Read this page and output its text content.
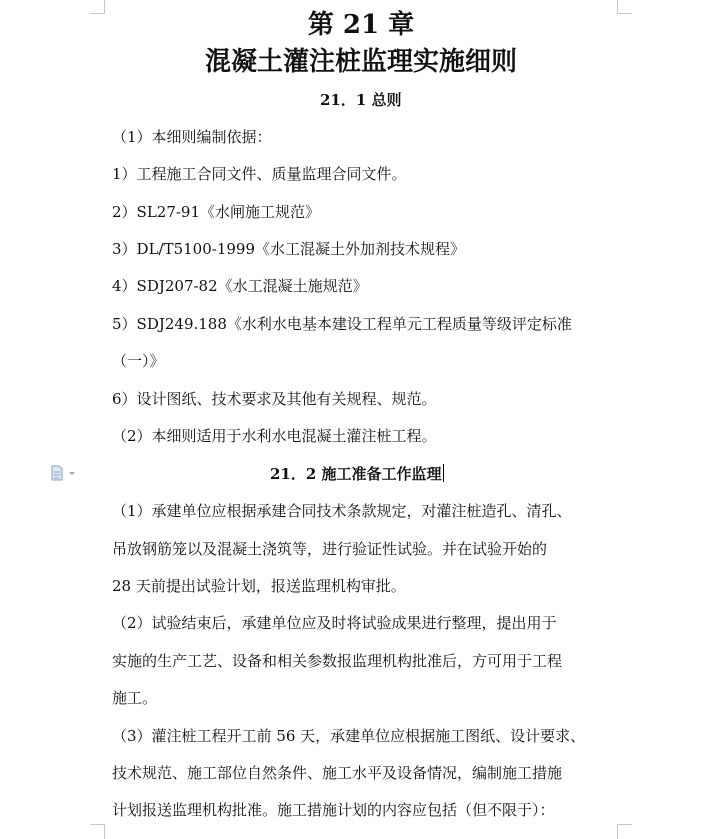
第 21 章
混凝土灌注桩监理实施细则
21．1 总则
（1）本细则编制依据：
1）工程施工合同文件、质量监理合同文件。
2）SL27-91《水闸施工规范》
3）DL/T5100-1999《水工混凝土外加剂技术规程》
4）SDJ207-82《水工混凝土施规范》
5）SDJ249.188《水利水电基本建设工程单元工程质量等级评定标准
（一）》
6）设计图纸、技术要求及其他有关规程、规范。
（2）本细则适用于水利水电混凝土灌注桩工程。
21．2 施工准备工作监理
（1）承建单位应根据承建合同技术条款规定，对灌注桩造孔、清孔、
吊放钢筋笼以及混凝土浇筑等，进行验证性试验。并在试验开始的
28 天前提出试验计划，报送监理机构审批。
（2）试验结束后，承建单位应及时将试验成果进行整理，提出用于
实施的生产工艺、设备和相关参数报监理机构批准后，方可用于工程
施工。
（3）灌注桩工程开工前 56 天，承建单位应根据施工图纸、设计要求、
技术规范、施工部位自然条件、施工水平及设备情况，编制施工措施
计划报送监理机构批准。施工措施计划的内容应包括（但不限于）：
